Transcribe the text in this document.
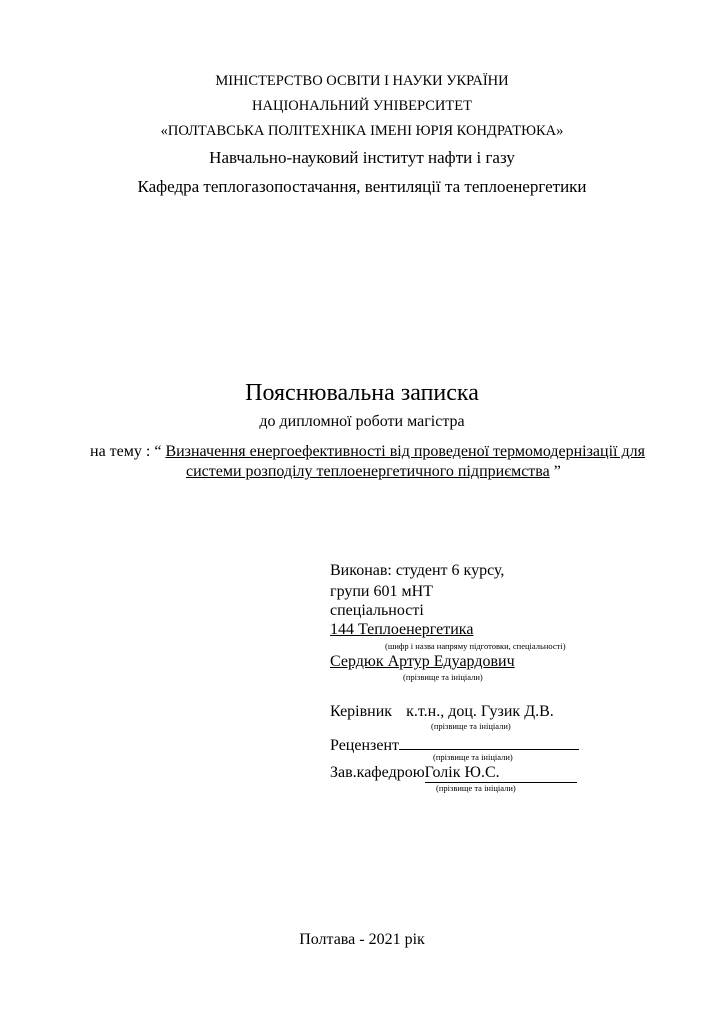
МІНІСТЕРСТВО ОСВІТИ І НАУКИ УКРАЇНИ
НАЦІОНАЛЬНИЙ УНІВЕРСИТЕТ
«ПОЛТАВСЬКА ПОЛІТЕХНІКА ІМЕНІ ЮРІЯ КОНДРАТЮКА»
Навчально-науковий інститут нафти і газу
Кафедра теплогазопостачання, вентиляції та теплоенергетики
Пояснювальна записка
до дипломної роботи магістра
на тему : “ Визначення енергоефективності від проведеної термомодернізації для
системи розподілу теплоенергетичного підприємства ”
Виконав: студент 6 курсу,
групи 601 мНТ
спеціальності
144 Теплоенергетика
(шифр і назва напряму підготовки, спеціальності)
Сердюк Артур Едуардович
(прізвище та ініціали)
Керівник к.т.н., доц. Гузик Д.В.
(прізвище та ініціали)
Рецензент
(прізвище та ініціали)
Зав.кафедроюГолік Ю.С.
(прізвище та ініціали)
Полтава - 2021 рік
